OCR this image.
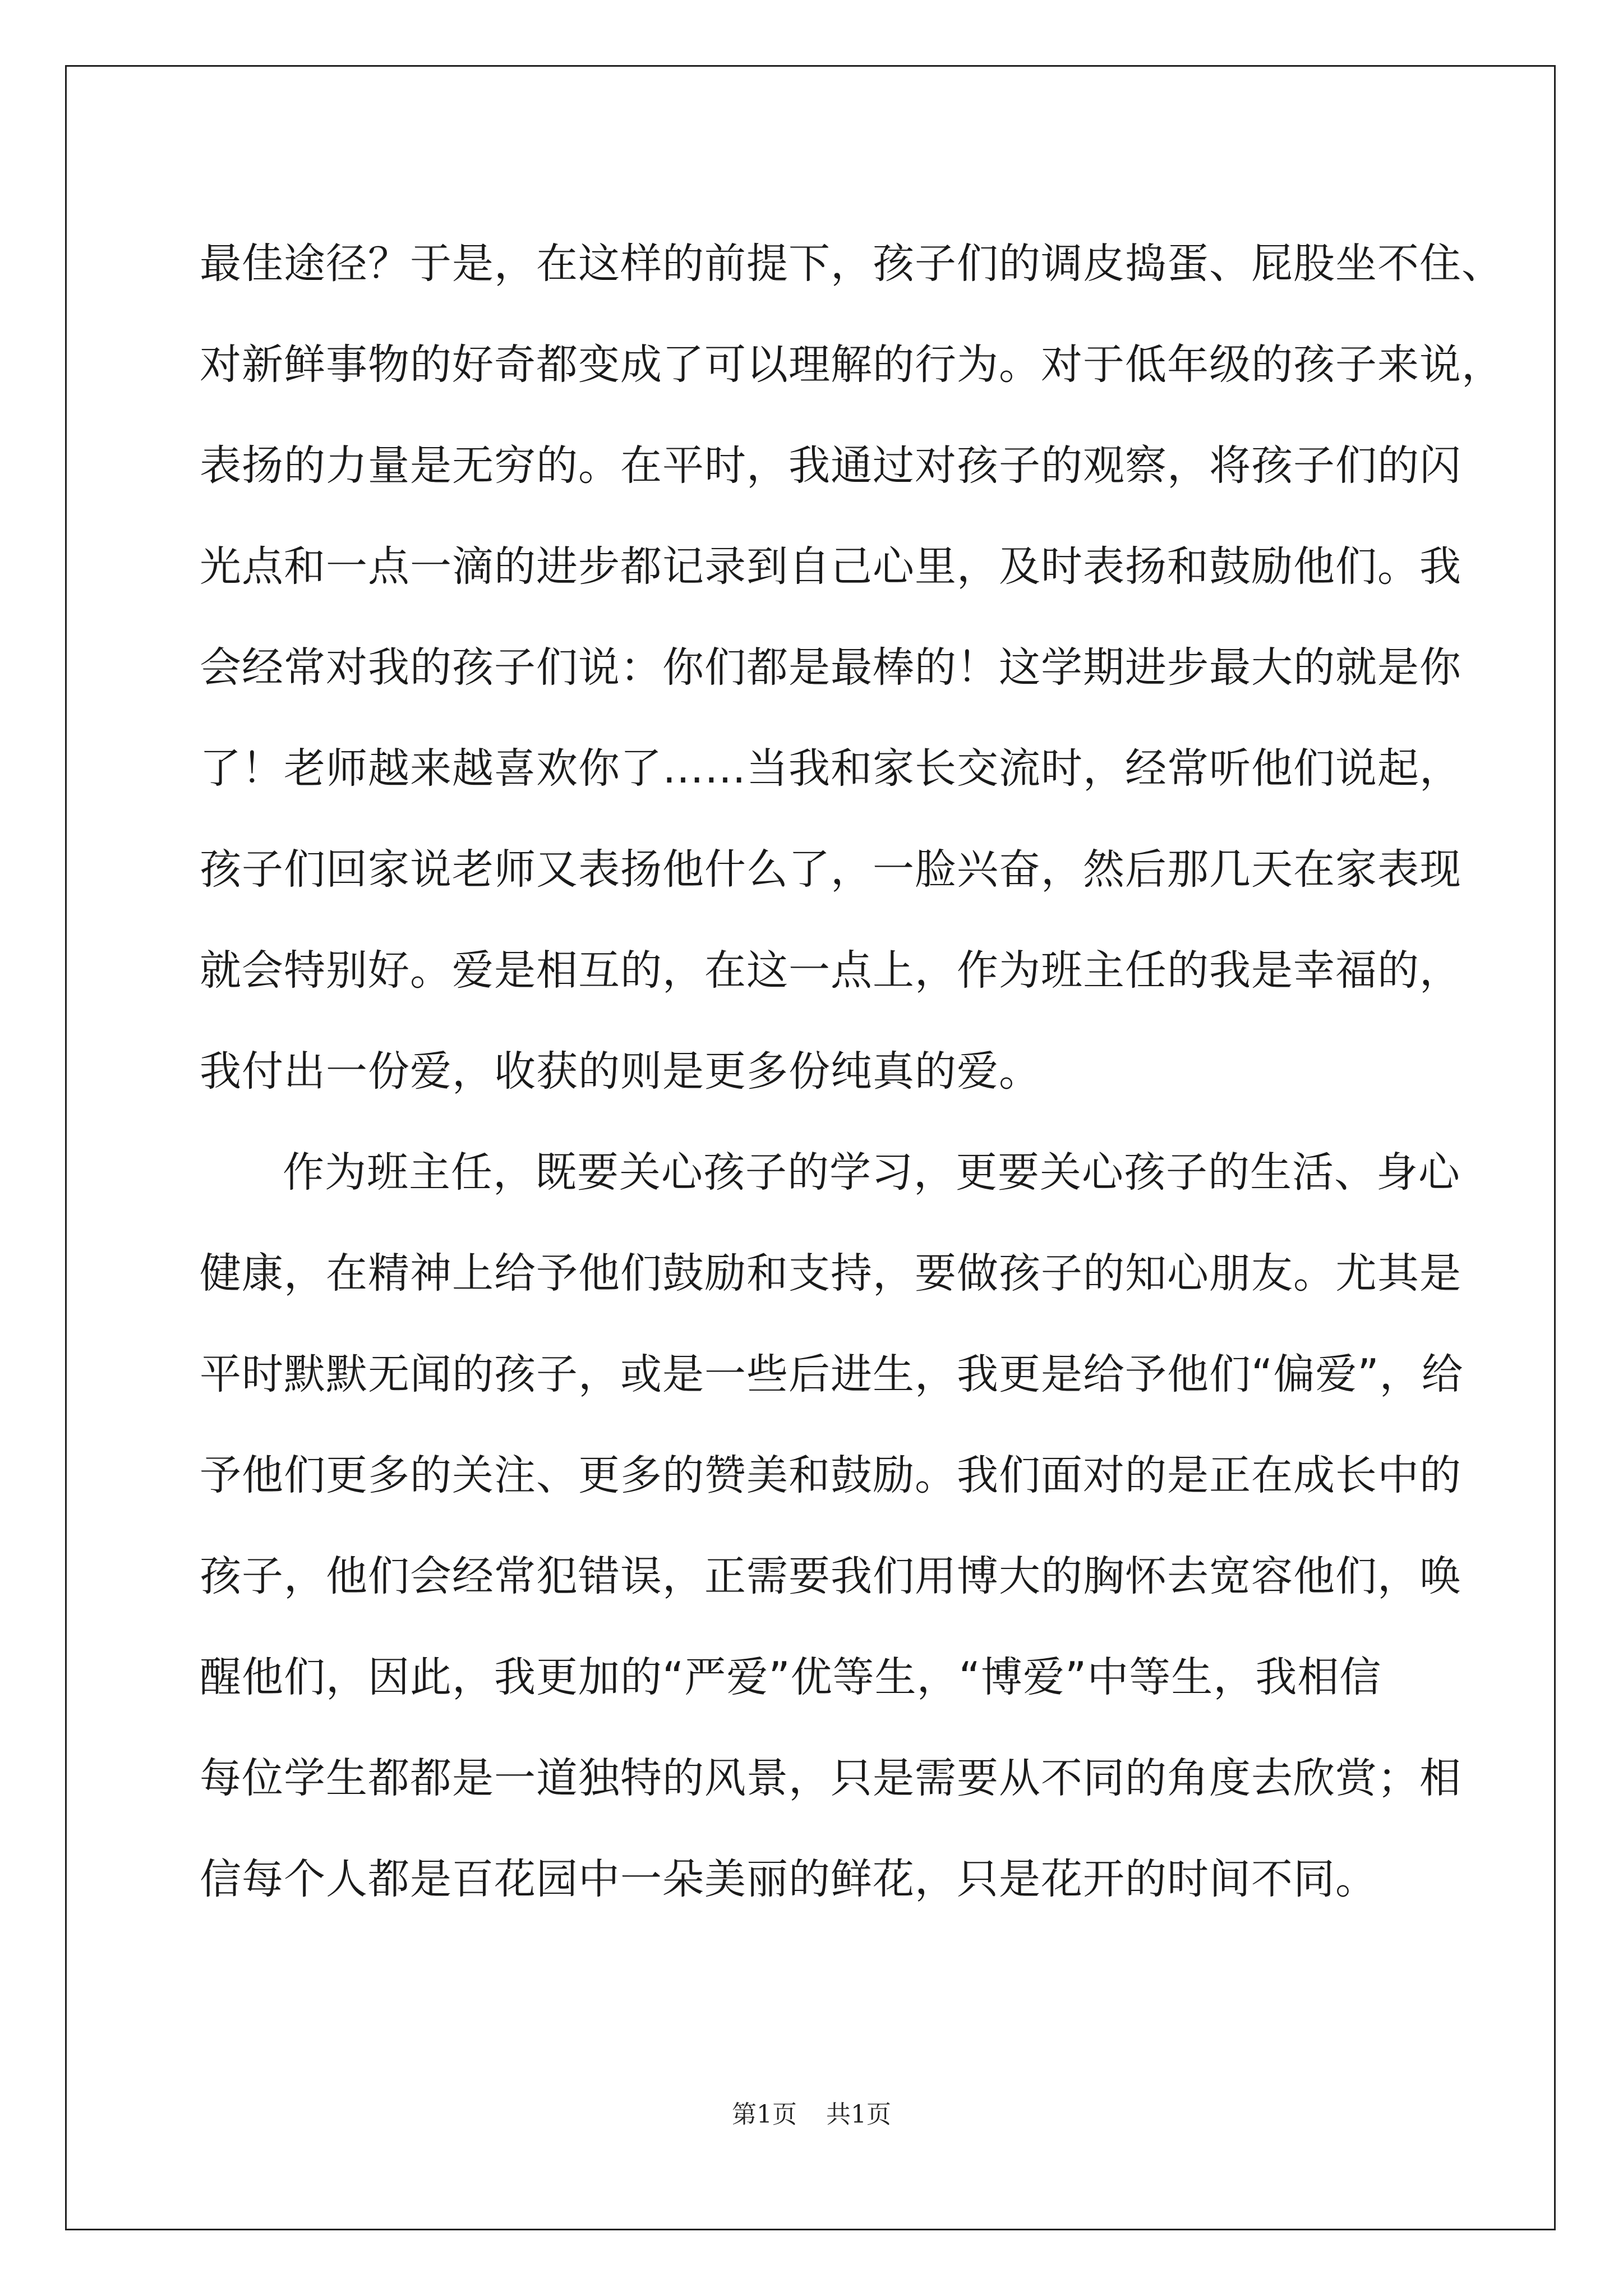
最佳途径？于是，在这样的前提下，孩子们的调皮捣蛋、屁股坐不住、
对新鲜事物的好奇都变成了可以理解的行为。对于低年级的孩子来说，
表扬的力量是无穷的。在平时，我通过对孩子的观察，将孩子们的闪
光点和一点一滴的进步都记录到自己心里，及时表扬和鼓励他们。我
会经常对我的孩子们说：你们都是最棒的！这学期进步最大的就是你
了！老师越来越喜欢你了……当我和家长交流时，经常听他们说起，
孩子们回家说老师又表扬他什么了，一脸兴奋，然后那几天在家表现
就会特别好。爱是相互的，在这一点上，作为班主任的我是幸福的，
我付出一份爱，收获的则是更多份纯真的爱。
作为班主任，既要关心孩子的学习，更要关心孩子的生活、身心
健康，在精神上给予他们鼓励和支持，要做孩子的知心朋友。尤其是
平时默默无闻的孩子，或是一些后进生，我更是给予他们“偏爱”，给
予他们更多的关注、更多的赞美和鼓励。我们面对的是正在成长中的
孩子，他们会经常犯错误，正需要我们用博大的胸怀去宽容他们，唤
醒他们，因此，我更加的“严爱”优等生，“博爱”中等生，我相信
每位学生都都是一道独特的风景，只是需要从不同的角度去欣赏；相
信每个人都是百花园中一朵美丽的鲜花，只是花开的时间不同。
第1页 共1页
